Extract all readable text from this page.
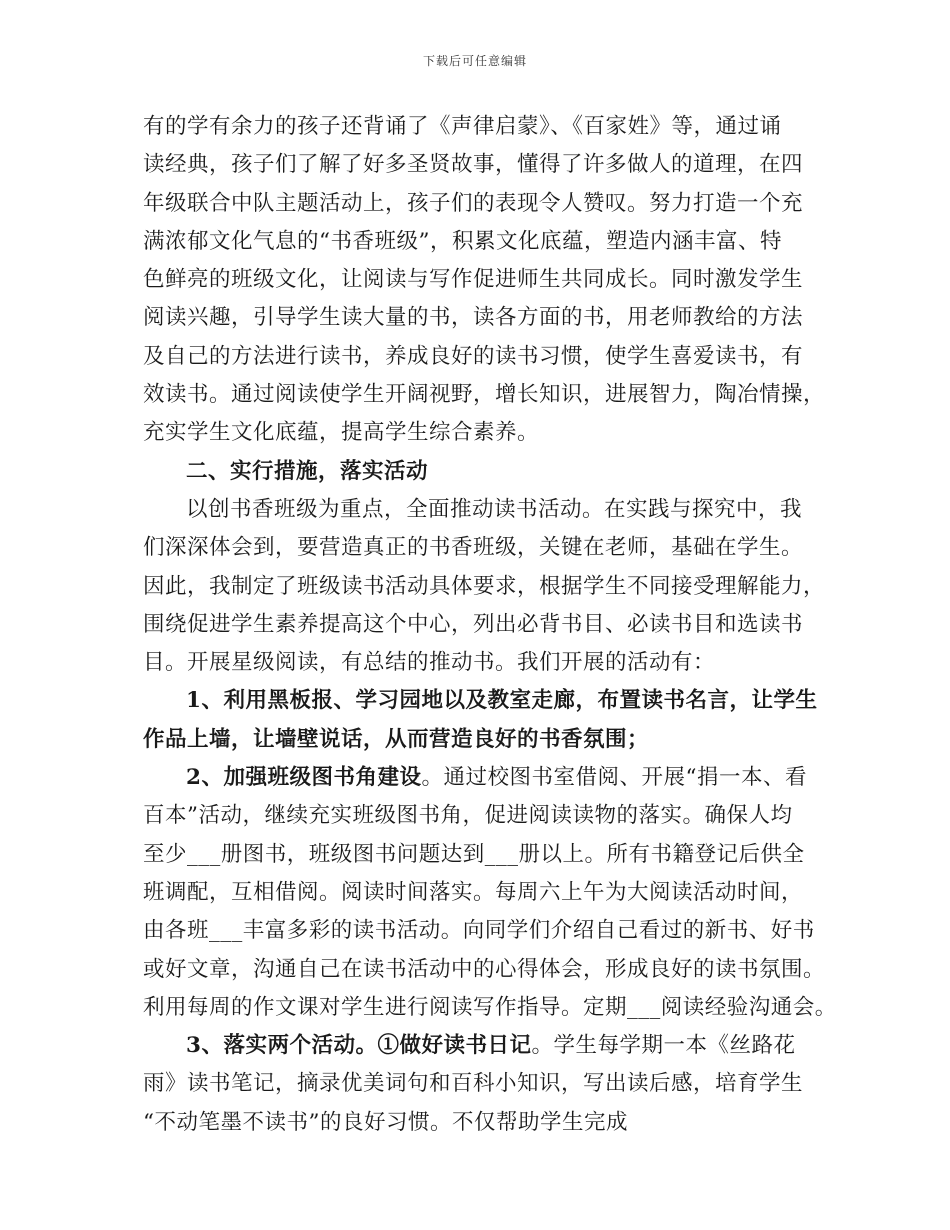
下载后可任意编辑
有的学有余力的孩子还背诵了《声律启蒙》、《百家姓》等，通过诵
读经典，孩子们了解了好多圣贤故事，懂得了许多做人的道理，在四
年级联合中队主题活动上，孩子们的表现令人赞叹。努力打造一个充
满浓郁文化气息的“书香班级”，积累文化底蕴，塑造内涵丰富、特
色鲜亮的班级文化，让阅读与写作促进师生共同成长。同时激发学生
阅读兴趣，引导学生读大量的书，读各方面的书，用老师教给的方法
及自己的方法进行读书，养成良好的读书习惯，使学生喜爱读书，有
效读书。通过阅读使学生开阔视野，增长知识，进展智力，陶冶情操，
充实学生文化底蕴，提高学生综合素养。
二、实行措施，落实活动
以创书香班级为重点，全面推动读书活动。在实践与探究中，我
们深深体会到，要营造真正的书香班级，关键在老师，基础在学生。
因此，我制定了班级读书活动具体要求，根据学生不同接受理解能力，
围绕促进学生素养提高这个中心，列出必背书目、必读书目和选读书
目。开展星级阅读，有总结的推动书。我们开展的活动有：
1、利用黑板报、学习园地以及教室走廊，布置读书名言，让学生
作品上墙，让墙壁说话，从而营造良好的书香氛围；
2、加强班级图书角建设。通过校图书室借阅、开展“捐一本、看
百本”活动，继续充实班级图书角，促进阅读读物的落实。确保人均
至少___册图书，班级图书问题达到___册以上。所有书籍登记后供全
班调配，互相借阅。阅读时间落实。每周六上午为大阅读活动时间，
由各班___丰富多彩的读书活动。向同学们介绍自己看过的新书、好书
或好文章，沟通自己在读书活动中的心得体会，形成良好的读书氛围。
利用每周的作文课对学生进行阅读写作指导。定期___阅读经验沟通会。
3、落实两个活动。①做好读书日记。学生每学期一本《丝路花
雨》读书笔记，摘录优美词句和百科小知识，写出读后感，培育学生
“不动笔墨不读书”的良好习惯。不仅帮助学生完成
